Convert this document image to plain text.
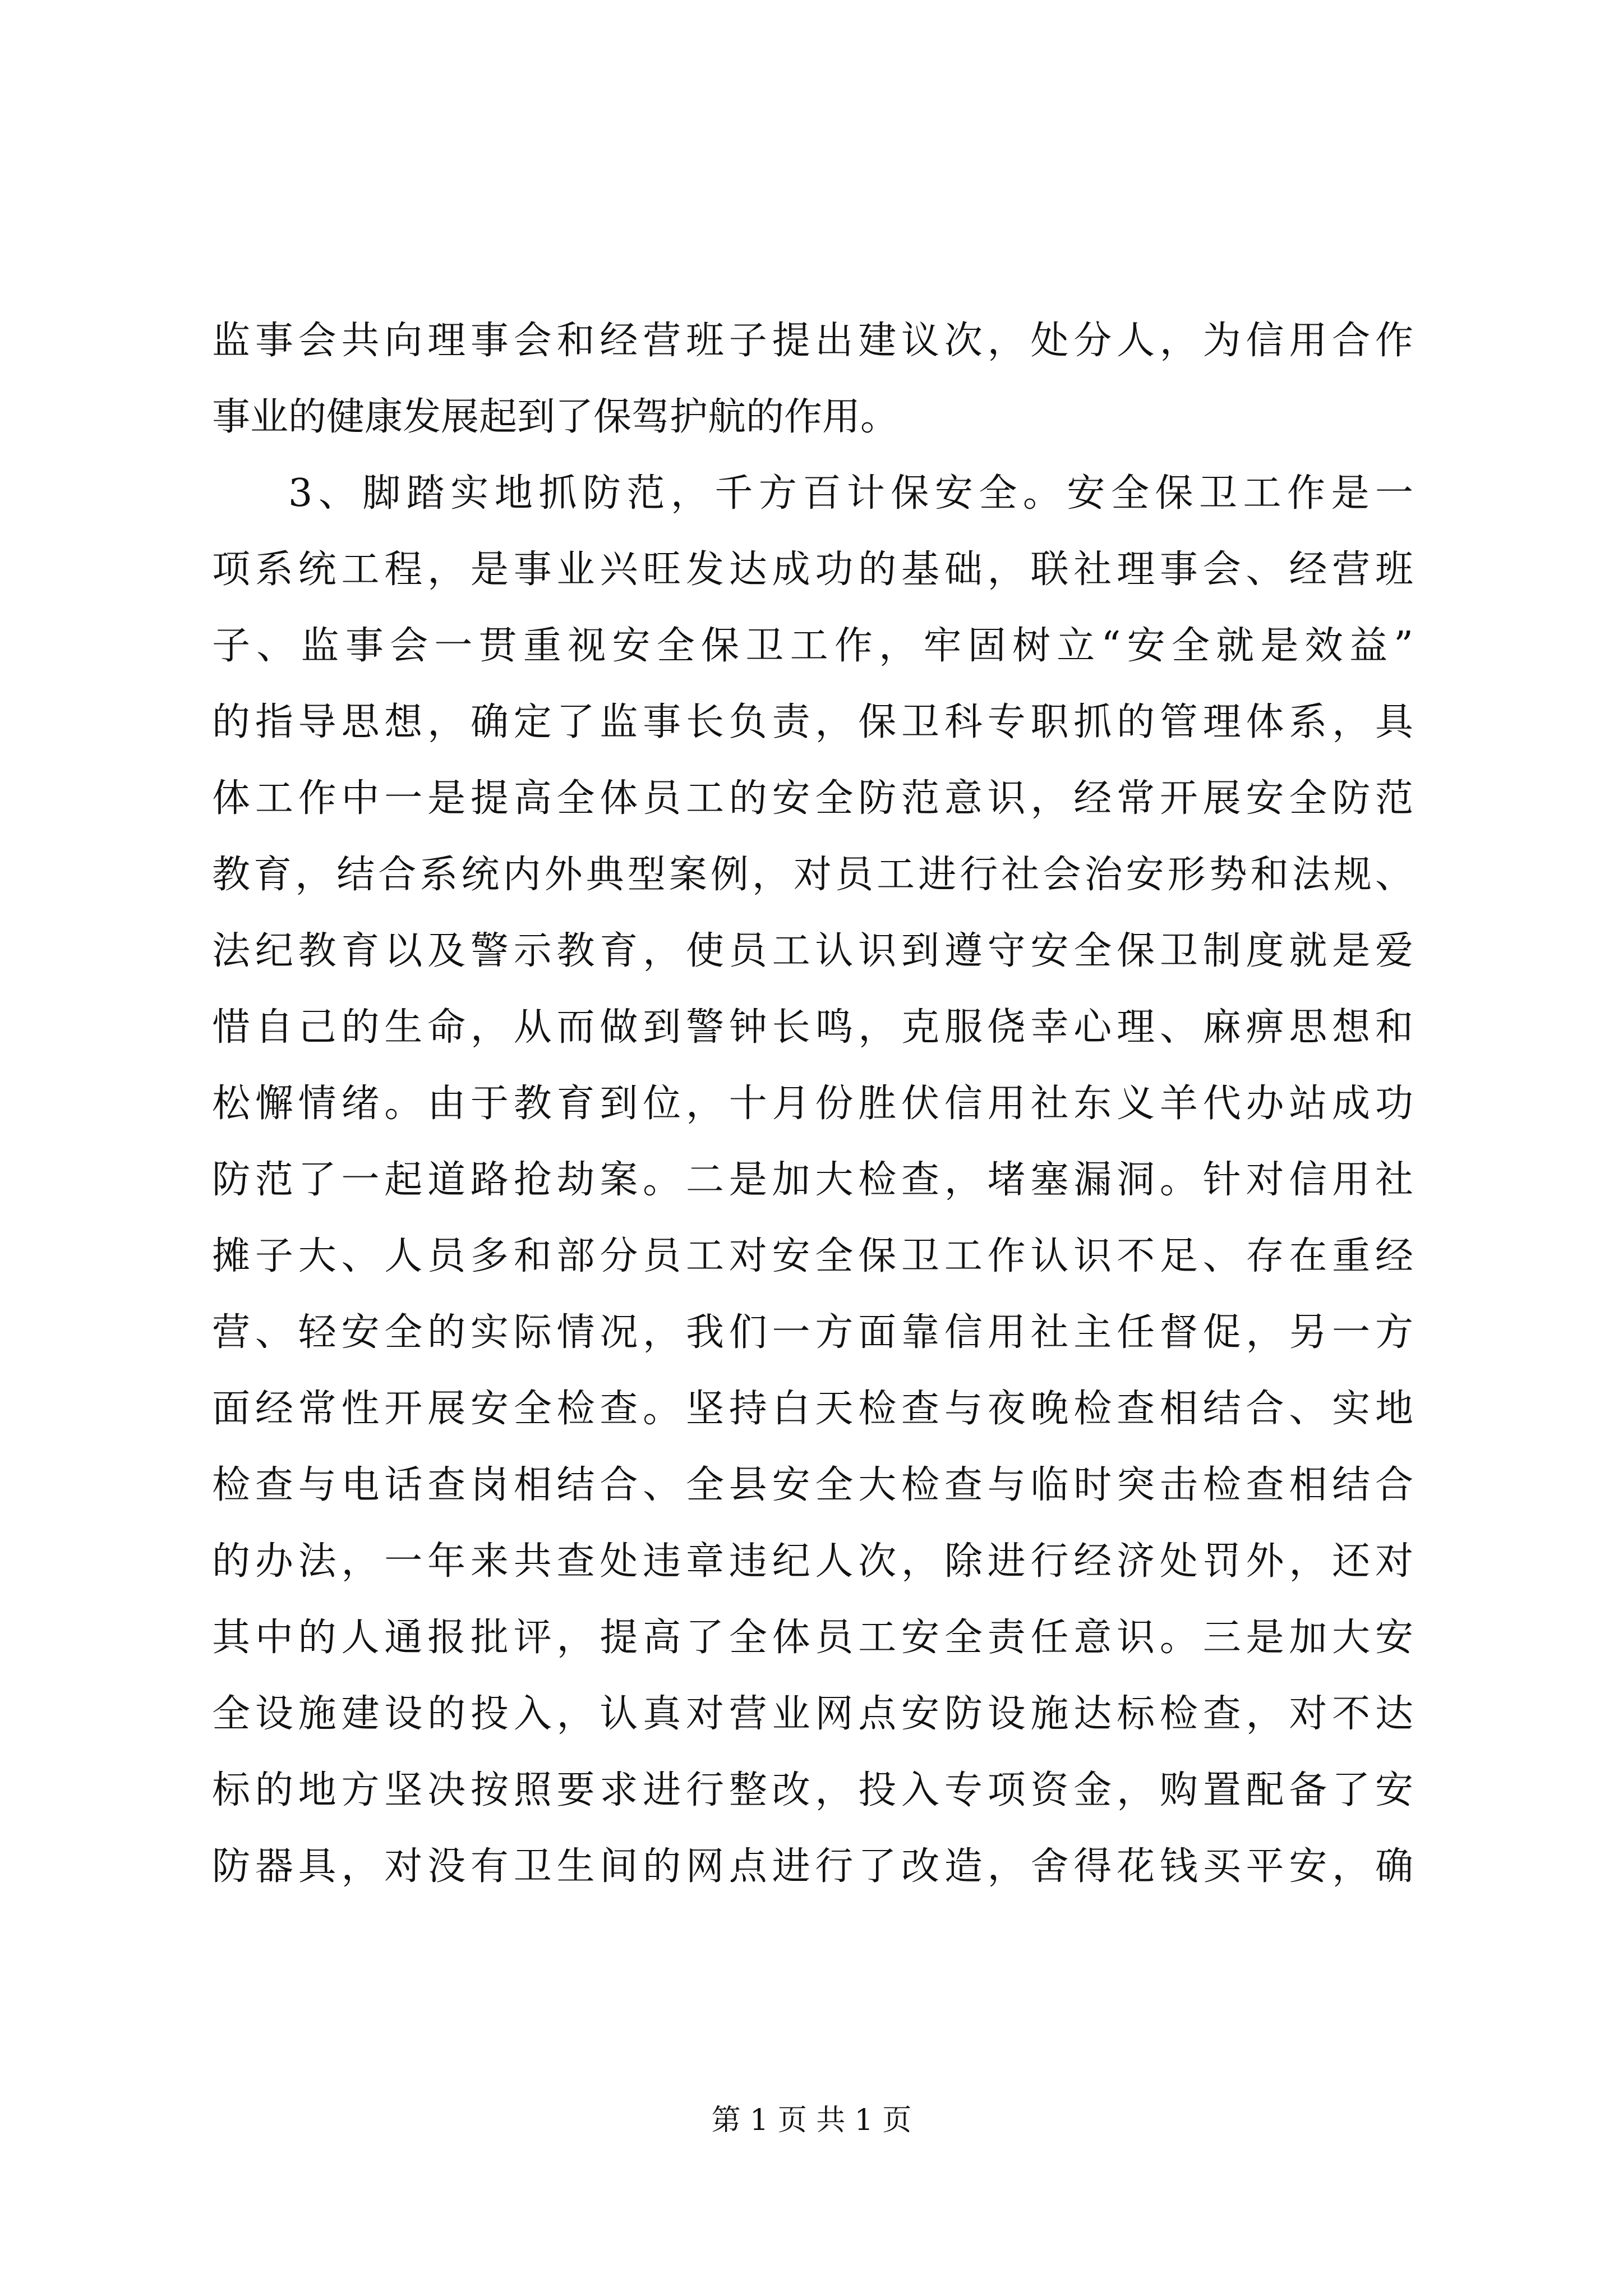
监事会共向理事会和经营班子提出建议次，处分人，为信用合作
事业的健康发展起到了保驾护航的作用。
3、脚踏实地抓防范，千方百计保安全。安全保卫工作是一
项系统工程，是事业兴旺发达成功的基础，联社理事会、经营班
子、监事会一贯重视安全保卫工作，牢固树立“安全就是效益”
的指导思想，确定了监事长负责，保卫科专职抓的管理体系，具
体工作中一是提高全体员工的安全防范意识，经常开展安全防范
教育，结合系统内外典型案例，对员工进行社会治安形势和法规、
法纪教育以及警示教育，使员工认识到遵守安全保卫制度就是爱
惜自己的生命，从而做到警钟长鸣，克服侥幸心理、麻痹思想和
松懈情绪。由于教育到位，十月份胜伏信用社东义羊代办站成功
防范了一起道路抢劫案。二是加大检查，堵塞漏洞。针对信用社
摊子大、人员多和部分员工对安全保卫工作认识不足、存在重经
营、轻安全的实际情况，我们一方面靠信用社主任督促，另一方
面经常性开展安全检查。坚持白天检查与夜晚检查相结合、实地
检查与电话查岗相结合、全县安全大检查与临时突击检查相结合
的办法，一年来共查处违章违纪人次，除进行经济处罚外，还对
其中的人通报批评，提高了全体员工安全责任意识。三是加大安
全设施建设的投入，认真对营业网点安防设施达标检查，对不达
标的地方坚决按照要求进行整改，投入专项资金，购置配备了安
防器具，对没有卫生间的网点进行了改造，舍得花钱买平安，确
第 1 页 共 1 页
